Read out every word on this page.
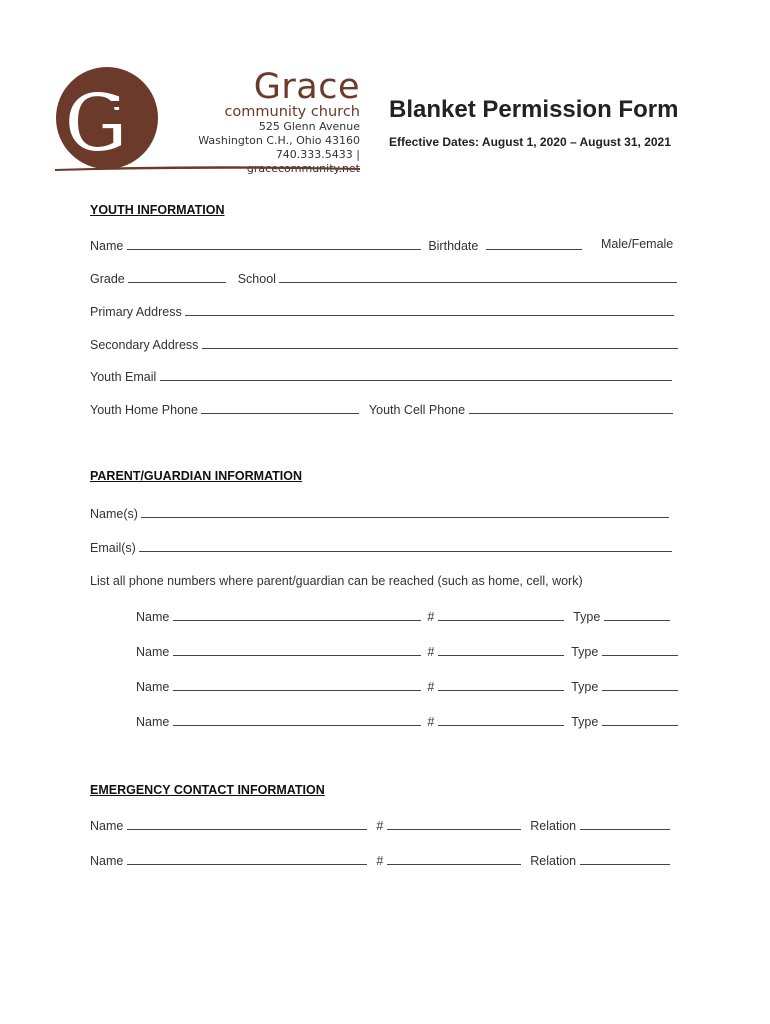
G	Grace
community church
525 Glenn Avenue
Washington C.H., Ohio 43160
740.333.5433 |
Blanket Permission Form
Effective Dates: August 1, 2020 – August 31, 2021
YOUTH INFORMATION
Name	Birthdate	Male/Female
Grade	School
Primary Address
Secondary Address
Youth Email
Youth Home Phone	Youth Cell Phone
PARENT/GUARDIAN INFORMATION
Name(s)
Email(s)
List all phone numbers where parent/guardian can be reached (such as home, cell, work)
Name	#	Type
Name	#	Type
Name	#	Type
Name	#	Type
EMERGENCY CONTACT INFORMATION
Name	#	Relation
Name	#	Relation
